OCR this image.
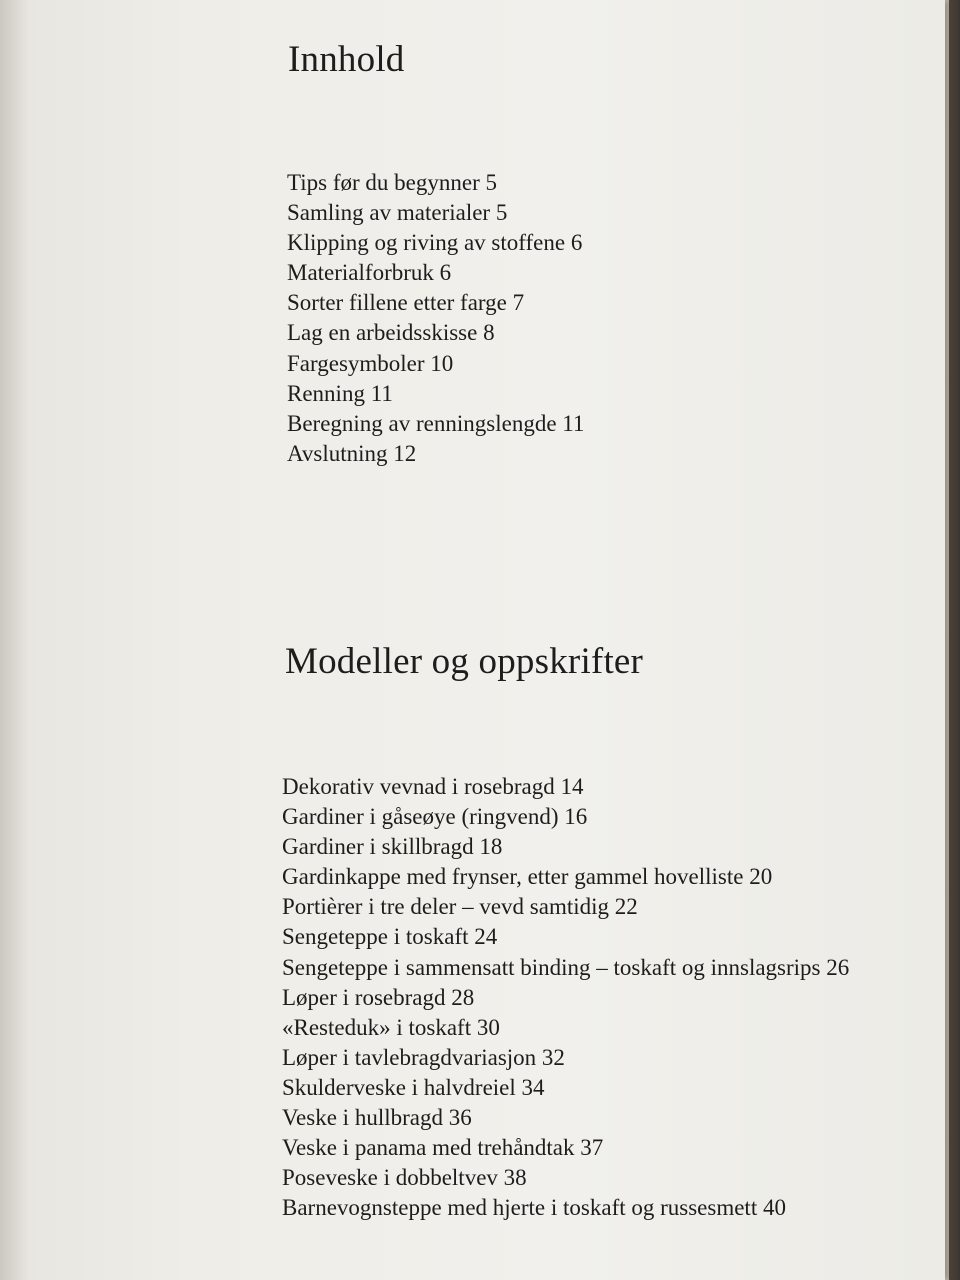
Innhold
Tips før du begynner 5
Samling av materialer 5
Klipping og riving av stoffene 6
Materialforbruk 6
Sorter fillene etter farge 7
Lag en arbeidsskisse 8
Fargesymboler 10
Renning 11
Beregning av renningslengde 11
Avslutning 12
Modeller og oppskrifter
Dekorativ vevnad i rosebragd 14
Gardiner i gåseøye (ringvend) 16
Gardiner i skillbragd 18
Gardinkappe med frynser, etter gammel hovelliste 20
Portièrer i tre deler – vevd samtidig 22
Sengeteppe i toskaft 24
Sengeteppe i sammensatt binding – toskaft og innslagsrips 26
Løper i rosebragd 28
«Resteduk» i toskaft 30
Løper i tavlebragdvariasjon 32
Skulderveske i halvdreiel 34
Veske i hullbragd 36
Veske i panama med trehåndtak 37
Poseveske i dobbeltvev 38
Barnevognsteppe med hjerte i toskaft og russesmett 40
